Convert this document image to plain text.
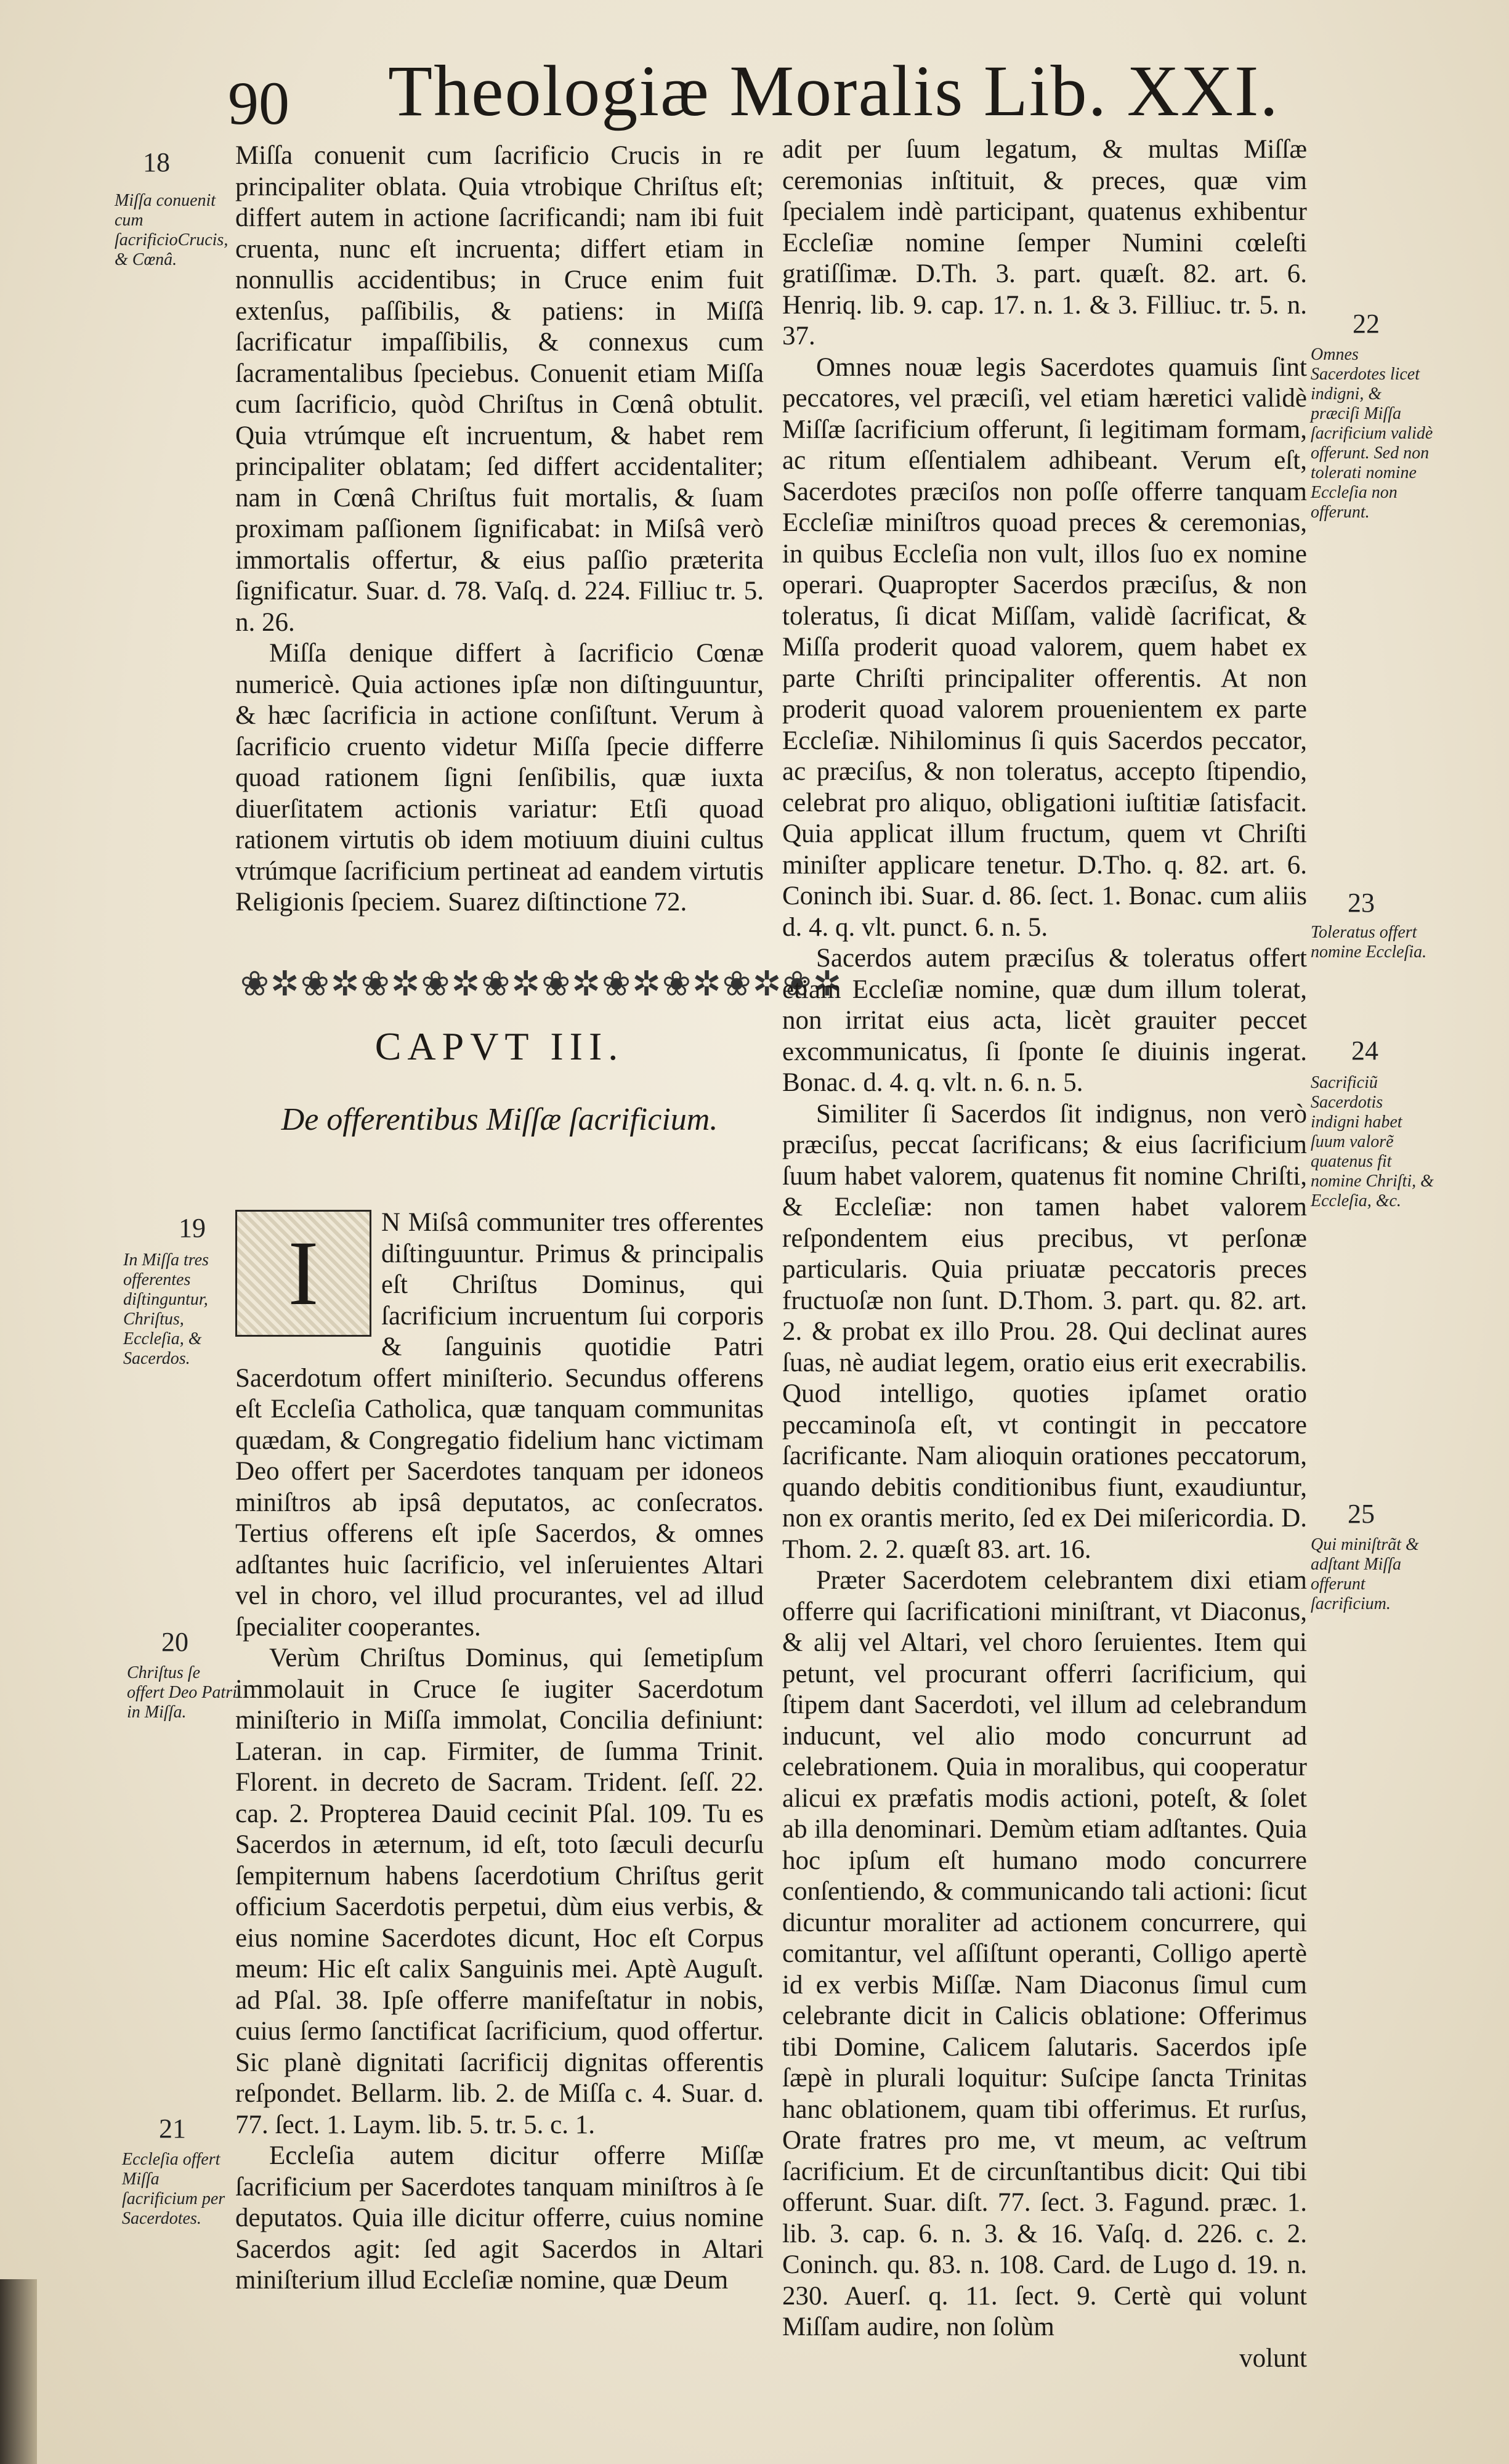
90 Theologiæ Moralis Lib. XXI.
18
Miſſa conuenit cum ſacrificioCrucis, & Cœnâ.
19
In Miſſa tres offerentes diſtinguntur, Chriſtus, Eccleſia, & Sacerdos.
20
Chriſtus ſe offert Deo Patri in Miſſa.
21
Eccleſia offert Miſſa ſacrificium per Sacerdotes.
22
Omnes Sacerdotes licet indigni, & præciſi Miſſa ſacrificium validè offerunt. Sed non tolerati nomine Eccleſia non offerunt.
23
Toleratus offert nomine Eccleſia.
24
Sacrificiũ Sacerdotis indigni habet ſuum valorẽ quatenus fit nomine Chriſti, & Eccleſia, &c.
25
Qui miniſtrãt & adſtant Miſſa offerunt ſacrificium.

Miſſa conuenit cum ſacrificio Crucis in re principaliter oblata. Quia vtrobique Chriſtus eſt; differt autem in actione ſacrificandi; nam ibi fuit cruenta, nunc eſt incruenta; differt etiam in nonnullis accidentibus; in Cruce enim fuit extenſus, paſſibilis, & patiens: in Miſſâ ſacrificatur impaſſibilis, & connexus cum ſacramentalibus ſpeciebus. Conuenit etiam Miſſa cum ſacrificio, quòd Chriſtus in Cœnâ obtulit. Quia vtrúmque eſt incruentum, & habet rem principaliter oblatam; ſed differt accidentaliter; nam in Cœnâ Chriſtus fuit mortalis, & ſuam proximam paſſionem ſignificabat: in Miſsâ verò immortalis offertur, & eius paſſio præterita ſignificatur. Suar. d. 78. Vaſq. d. 224. Filliuc tr. 5. n. 26.

Miſſa denique differt à ſacrificio Cœnæ numericè. Quia actiones ipſæ non diſtinguuntur, & hæc ſacrificia in actione conſiſtunt. Verum à ſacrificio cruento videtur Miſſa ſpecie differre quoad rationem ſigni ſenſibilis, quæ iuxta diuerſitatem actionis variatur: Etſi quoad rationem virtutis ob idem motiuum diuini cultus vtrúmque ſacrificium pertineat ad eandem virtutis Religionis ſpeciem. Suarez diſtinctione 72.

❀✲❀✲❀✲❀✲❀✲❀✲❀✲❀✲❀✲❀✲
CAPVT III.
De offerentibus Miſſæ ſacrificium.
I	N Miſsâ communiter tres offerentes diſtinguuntur. Primus & principalis eſt Chriſtus Dominus, qui ſacrificium incruentum ſui corporis & ſanguinis quotidie Patri Sacerdotum offert miniſterio. Secundus offerens eſt Eccleſia Catholica, quæ tanquam communitas quædam, & Congregatio fidelium hanc victimam Deo offert per Sacerdotes tanquam per idoneos miniſtros ab ipsâ deputatos, ac conſecratos. Tertius offerens eſt ipſe Sacerdos, & omnes adſtantes huic ſacrificio, vel inſeruientes Altari vel in choro, vel illud procurantes, vel ad illud ſpecialiter cooperantes.

Verùm Chriſtus Dominus, qui ſemetipſum immolauit in Cruce ſe iugiter Sacerdotum miniſterio in Miſſa immolat, Concilia definiunt: Lateran. in cap. Firmiter, de ſumma Trinit. Florent. in decreto de Sacram. Trident. ſeſſ. 22. cap. 2. Propterea Dauid cecinit Pſal. 109. Tu es Sacerdos in æternum, id eſt, toto ſæculi decurſu ſempiternum habens ſacerdotium Chriſtus gerit officium Sacerdotis perpetui, dùm eius verbis, & eius nomine Sacerdotes dicunt, Hoc eſt Corpus meum: Hic eſt calix Sanguinis mei. Aptè Auguſt. ad Pſal. 38. Ipſe offerre manifeſtatur in nobis, cuius ſermo ſanctificat ſacrificium, quod offertur. Sic planè dignitati ſacrificij dignitas offerentis reſpondet. Bellarm. lib. 2. de Miſſa c. 4. Suar. d. 77. ſect. 1. Laym. lib. 5. tr. 5. c. 1.

Eccleſia autem dicitur offerre Miſſæ ſacrificium per Sacerdotes tanquam miniſtros à ſe deputatos. Quia ille dicitur offerre, cuius nomine Sacerdos agit: ſed agit Sacerdos in Altari miniſterium illud Eccleſiæ nomine, quæ Deum

adit per ſuum legatum, & multas Miſſæ ceremonias inſtituit, & preces, quæ vim ſpecialem indè participant, quatenus exhibentur Eccleſiæ nomine ſemper Numini cœleſti gratiſſimæ. D.Th. 3. part. quæſt. 82. art. 6. Henriq. lib. 9. cap. 17. n. 1. & 3. Filliuc. tr. 5. n. 37.

Omnes nouæ legis Sacerdotes quamuis ſint peccatores, vel præciſi, vel etiam hæretici validè Miſſæ ſacrificium offerunt, ſi legitimam formam, ac ritum eſſentialem adhibeant. Verum eſt, Sacerdotes præciſos non poſſe offerre tanquam Eccleſiæ miniſtros quoad preces & ceremonias, in quibus Eccleſia non vult, illos ſuo ex nomine operari. Quapropter Sacerdos præciſus, & non toleratus, ſi dicat Miſſam, validè ſacrificat, & Miſſa proderit quoad valorem, quem habet ex parte Chriſti principaliter offerentis. At non proderit quoad valorem prouenientem ex parte Eccleſiæ. Nihilominus ſi quis Sacerdos peccator, ac præciſus, & non toleratus, accepto ſtipendio, celebrat pro aliquo, obligationi iuſtitiæ ſatisfacit. Quia applicat illum fructum, quem vt Chriſti miniſter applicare tenetur. D.Tho. q. 82. art. 6. Coninch ibi. Suar. d. 86. ſect. 1. Bonac. cum aliis d. 4. q. vlt. punct. 6. n. 5.

Sacerdos autem præciſus & toleratus offert etiam Eccleſiæ nomine, quæ dum illum tolerat, non irritat eius acta, licèt grauiter peccet excommunicatus, ſi ſponte ſe diuinis ingerat. Bonac. d. 4. q. vlt. n. 6. n. 5.

Similiter ſi Sacerdos ſit indignus, non verò præciſus, peccat ſacrificans; & eius ſacrificium ſuum habet valorem, quatenus fit nomine Chriſti, & Eccleſiæ: non tamen habet valorem reſpondentem eius precibus, vt perſonæ particularis. Quia priuatæ peccatoris preces fructuoſæ non ſunt. D.Thom. 3. part. qu. 82. art. 2. & probat ex illo Prou. 28. Qui declinat aures ſuas, nè audiat legem, oratio eius erit execrabilis. Quod intelligo, quoties ipſamet oratio peccaminoſa eſt, vt contingit in peccatore ſacrificante. Nam alioquin orationes peccatorum, quando debitis conditionibus fiunt, exaudiuntur, non ex orantis merito, ſed ex Dei miſericordia. D. Thom. 2. 2. quæſt 83. art. 16.

Præter Sacerdotem celebrantem dixi etiam offerre qui ſacrificationi miniſtrant, vt Diaconus, & alij vel Altari, vel choro ſeruientes. Item qui petunt, vel procurant offerri ſacrificium, qui ſtipem dant Sacerdoti, vel illum ad celebrandum inducunt, vel alio modo concurrunt ad celebrationem. Quia in moralibus, qui cooperatur alicui ex præfatis modis actioni, poteſt, & ſolet ab illa denominari. Demùm etiam adſtantes. Quia hoc ipſum eſt humano modo concurrere conſentiendo, & communicando tali actioni: ſicut dicuntur moraliter ad actionem concurrere, qui comitantur, vel aſſiſtunt operanti, Colligo apertè id ex verbis Miſſæ. Nam Diaconus ſimul cum celebrante dicit in Calicis oblatione: Offerimus tibi Domine, Calicem ſalutaris. Sacerdos ipſe ſæpè in plurali loquitur: Suſcipe ſancta Trinitas hanc oblationem, quam tibi offerimus. Et rurſus, Orate fratres pro me, vt meum, ac veſtrum ſacrificium. Et de circunſtantibus dicit: Qui tibi offerunt. Suar. diſt. 77. ſect. 3. Fagund. præc. 1. lib. 3. cap. 6. n. 3. & 16. Vaſq. d. 226. c. 2. Coninch. qu. 83. n. 108. Card. de Lugo d. 19. n. 230. Auerſ. q. 11. ſect. 9. Certè qui volunt Miſſam audire, non ſolùm

volunt
